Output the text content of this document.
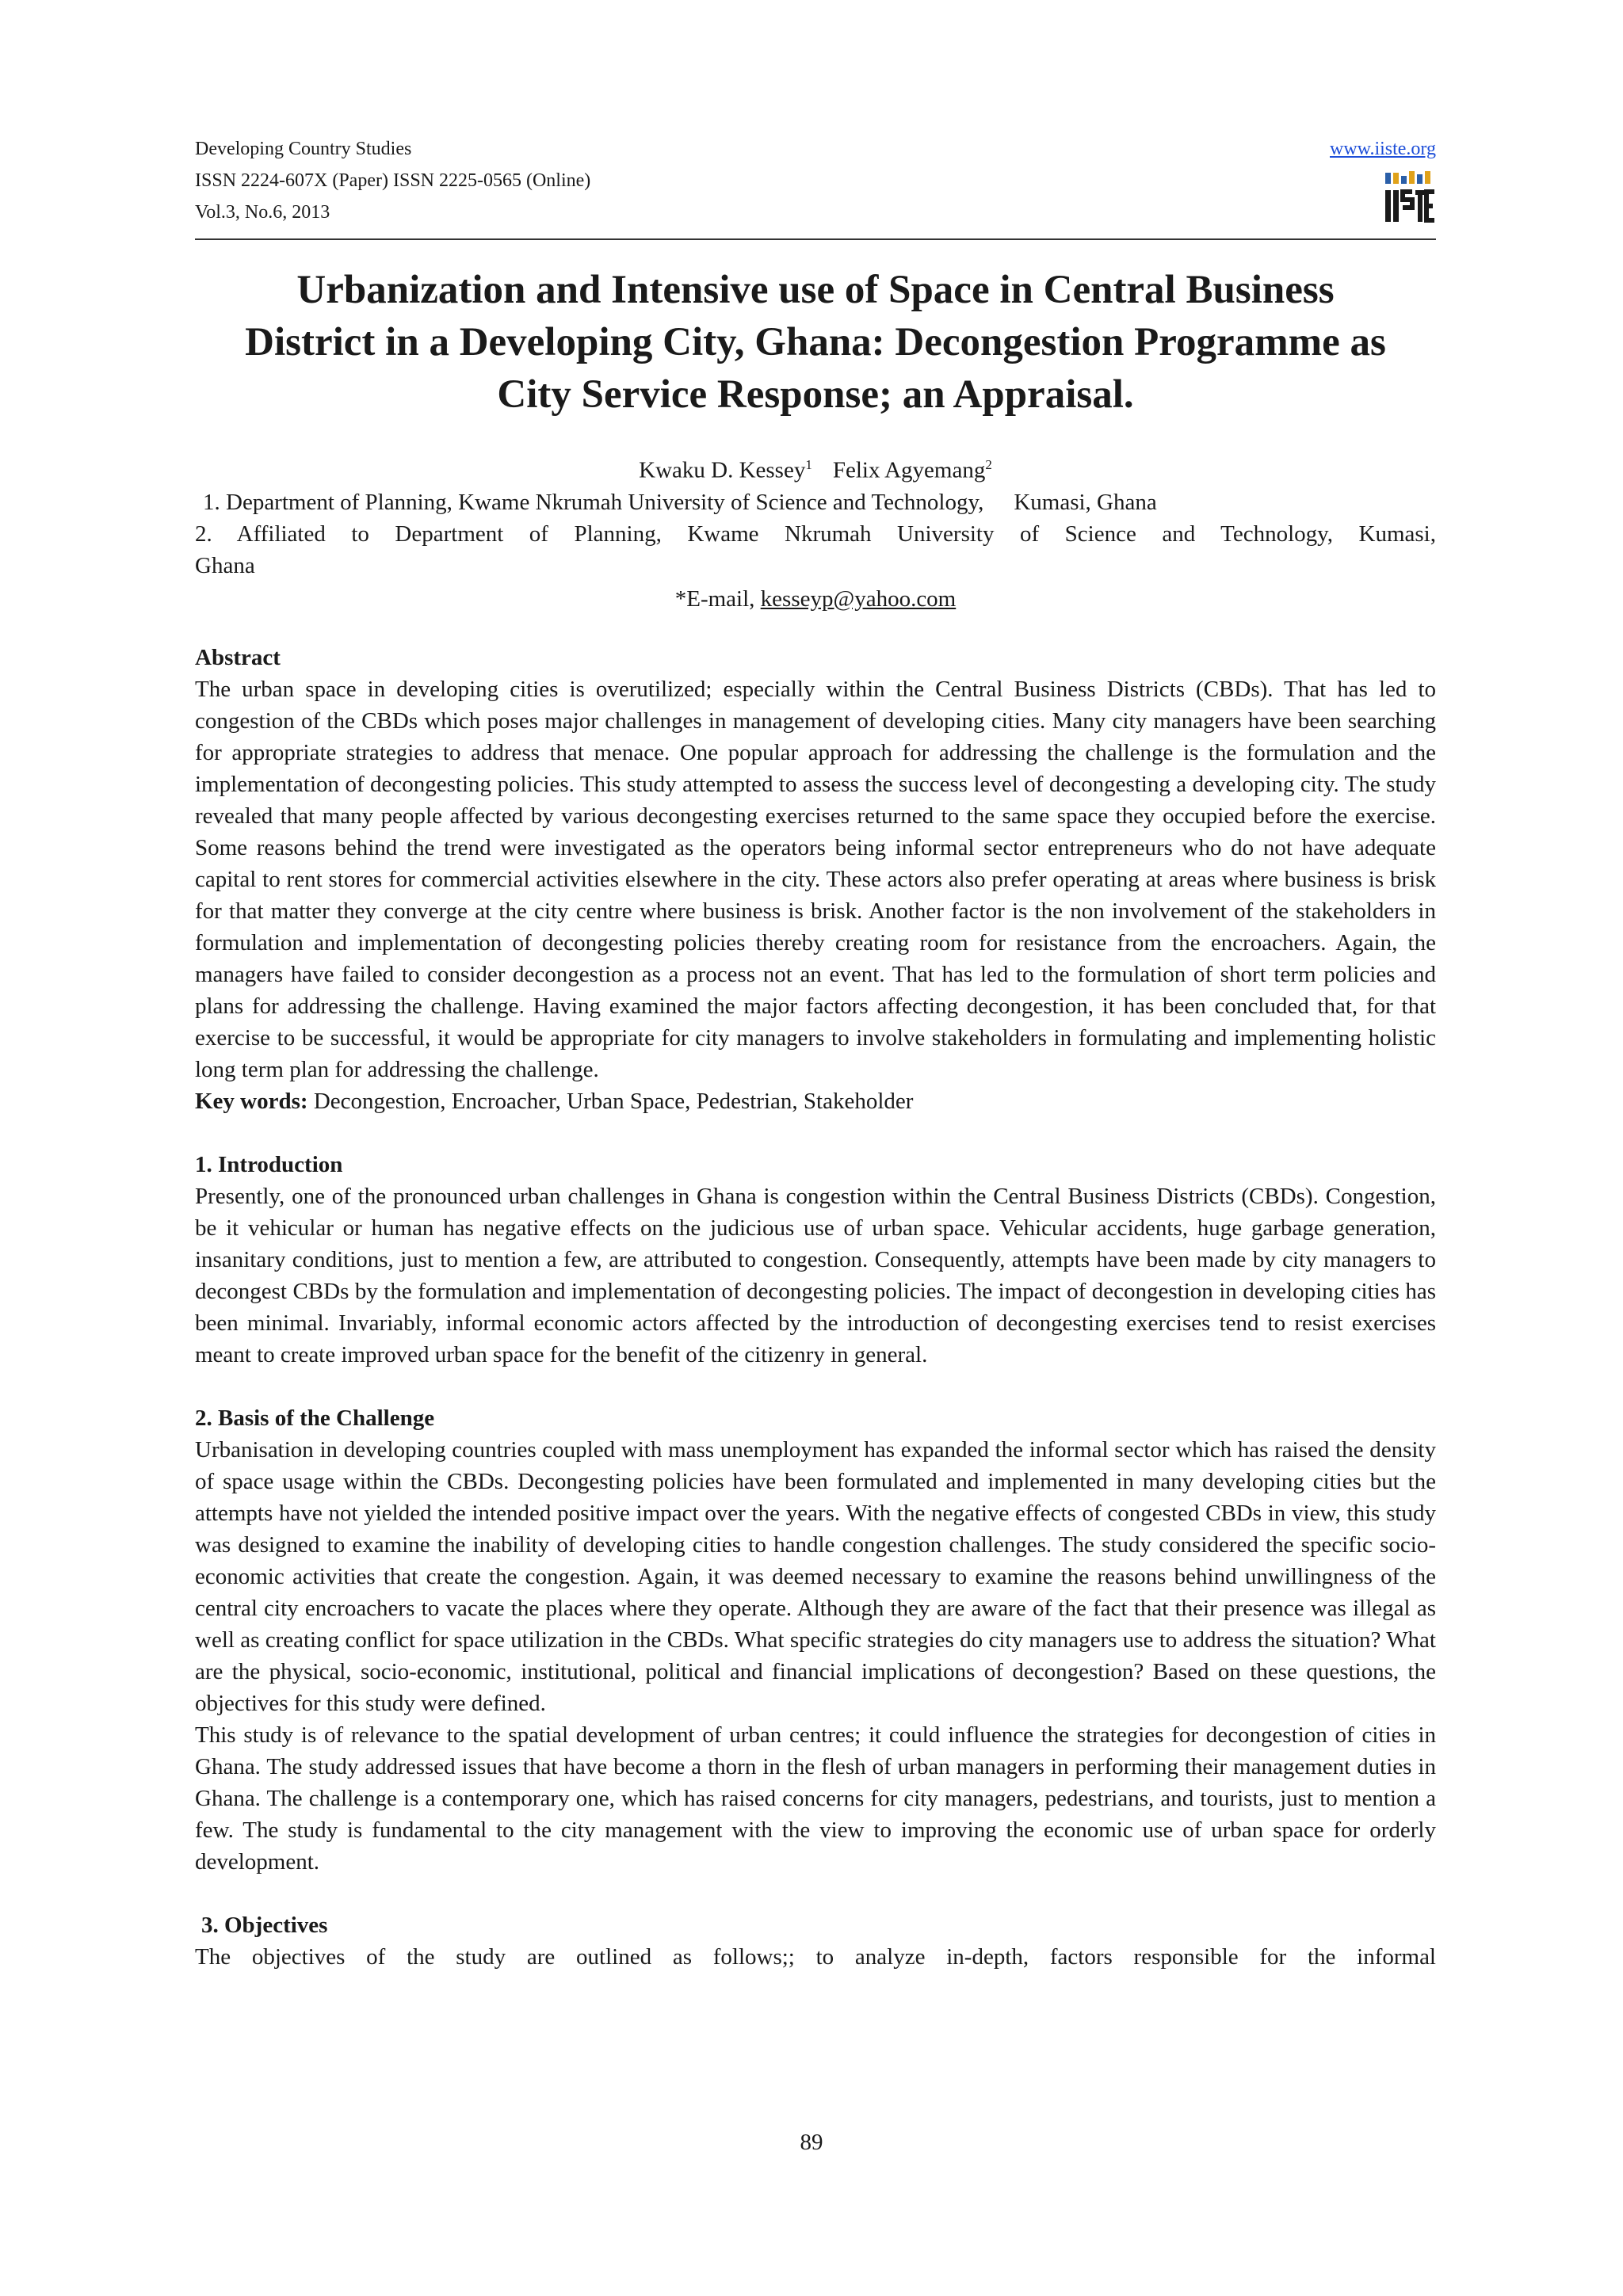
Developing Country Studies
ISSN 2224-607X (Paper) ISSN 2225-0565 (Online)
Vol.3, No.6, 2013
www.iiste.org
Urbanization and Intensive use of Space in Central Business
District in a Developing City, Ghana: Decongestion Programme as
City Service Response; an Appraisal.
Kwaku D. Kessey$^1$ Felix Agyemang$^2$
1. Department of Planning, Kwame Nkrumah University of Science and Technology, Kumasi, Ghana
2. Affiliated to Department of Planning, Kwame Nkrumah University of Science and Technology, Kumasi,
Ghana
*E-mail, kesseyp@yahoo.com
Abstract
The urban space in developing cities is overutilized; especially within the Central Business Districts (CBDs). That has led to congestion of the CBDs which poses major challenges in management of developing cities. Many city managers have been searching for appropriate strategies to address that menace. One popular approach for addressing the challenge is the formulation and the implementation of decongesting policies. This study attempted to assess the success level of decongesting a developing city. The study revealed that many people affected by various decongesting exercises returned to the same space they occupied before the exercise. Some reasons behind the trend were investigated as the operators being informal sector entrepreneurs who do not have adequate capital to rent stores for commercial activities elsewhere in the city. These actors also prefer operating at areas where business is brisk for that matter they converge at the city centre where business is brisk. Another factor is the non involvement of the stakeholders in formulation and implementation of decongesting policies thereby creating room for resistance from the encroachers. Again, the managers have failed to consider decongestion as a process not an event. That has led to the formulation of short term policies and plans for addressing the challenge. Having examined the major factors affecting decongestion, it has been concluded that, for that exercise to be successful, it would be appropriate for city managers to involve stakeholders in formulating and implementing holistic long term plan for addressing the challenge.
Key words: Decongestion, Encroacher, Urban Space, Pedestrian, Stakeholder
1. Introduction
Presently, one of the pronounced urban challenges in Ghana is congestion within the Central Business Districts (CBDs). Congestion, be it vehicular or human has negative effects on the judicious use of urban space. Vehicular accidents, huge garbage generation, insanitary conditions, just to mention a few, are attributed to congestion. Consequently, attempts have been made by city managers to decongest CBDs by the formulation and implementation of decongesting policies. The impact of decongestion in developing cities has been minimal. Invariably, informal economic actors affected by the introduction of decongesting exercises tend to resist exercises meant to create improved urban space for the benefit of the citizenry in general.
2. Basis of the Challenge
Urbanisation in developing countries coupled with mass unemployment has expanded the informal sector which has raised the density of space usage within the CBDs. Decongesting policies have been formulated and implemented in many developing cities but the attempts have not yielded the intended positive impact over the years. With the negative effects of congested CBDs in view, this study was designed to examine the inability of developing cities to handle congestion challenges. The study considered the specific socio-economic activities that create the congestion. Again, it was deemed necessary to examine the reasons behind unwillingness of the central city encroachers to vacate the places where they operate. Although they are aware of the fact that their presence was illegal as well as creating conflict for space utilization in the CBDs. What specific strategies do city managers use to address the situation? What are the physical, socio-economic, institutional, political and financial implications of decongestion? Based on these questions, the objectives for this study were defined.
This study is of relevance to the spatial development of urban centres; it could influence the strategies for decongestion of cities in Ghana. The study addressed issues that have become a thorn in the flesh of urban managers in performing their management duties in Ghana. The challenge is a contemporary one, which has raised concerns for city managers, pedestrians, and tourists, just to mention a few. The study is fundamental to the city management with the view to improving the economic use of urban space for orderly development.
3. Objectives
The objectives of the study are outlined as follows;; to analyze in-depth, factors responsible for the informal
89
